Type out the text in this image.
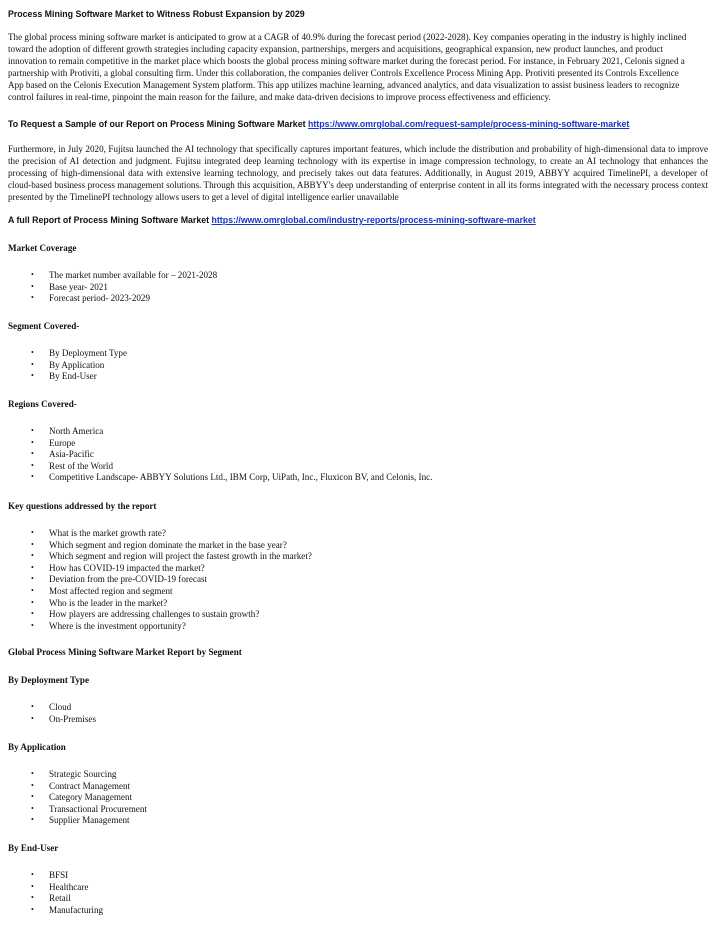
Process Mining Software Market to Witness Robust Expansion by 2029
The global process mining software market is anticipated to grow at a CAGR of 40.9% during the forecast period (2022-2028). Key companies operating in the industry is highly inclined
toward the adoption of different growth strategies including capacity expansion, partnerships, mergers and acquisitions, geographical expansion, new product launches, and product
innovation to remain competitive in the market place which boosts the global process mining software market during the forecast period. For instance, in February 2021, Celonis signed a
partnership with Protiviti, a global consulting firm. Under this collaboration, the companies deliver Controls Excellence Process Mining App. Protiviti presented its Controls Excellence
App based on the Celonis Execution Management System platform. This app utilizes machine learning, advanced analytics, and data visualization to assist business leaders to recognize
control failures in real-time, pinpoint the main reason for the failure, and make data-driven decisions to improve process effectiveness and efficiency.
To Request a Sample of our Report on Process Mining Software Market https://www.omrglobal.com/request-sample/process-mining-software-market

Furthermore, in July 2020, Fujitsu launched the AI technology that specifically captures important features, which include the distribution and probability of high-dimensional data to improve the precision of AI detection and judgment. Fujitsu integrated deep learning technology with its expertise in image compression technology, to create an AI technology that enhances the processing of high-dimensional data with extensive learning technology, and precisely takes out data features. Additionally, in August 2019, ABBYY acquired TimelinePI, a developer of cloud-based business process management solutions. Through this acquisition, ABBYY's deep understanding of enterprise content in all its forms integrated with the necessary process context presented by the TimelinePI technology allows users to get a level of digital intelligence earlier unavailable

A full Report of Process Mining Software Market https://www.omrglobal.com/industry-reports/process-mining-software-market
Market Coverage
• The market number available for – 2021-2028
• Base year- 2021
• Forecast period- 2023-2029
Segment Covered-
• By Deployment Type
• By Application
• By End-User
Regions Covered-
• North America
• Europe
• Asia-Pacific
• Rest of the World
• Competitive Landscape- ABBYY Solutions Ltd., IBM Corp, UiPath, Inc., Fluxicon BV, and Celonis, Inc.
Key questions addressed by the report
• What is the market growth rate?
• Which segment and region dominate the market in the base year?
• Which segment and region will project the fastest growth in the market?
• How has COVID-19 impacted the market?
• Deviation from the pre-COVID-19 forecast
• Most affected region and segment
• Who is the leader in the market?
• How players are addressing challenges to sustain growth?
• Where is the investment opportunity?
Global Process Mining Software Market Report by Segment
By Deployment Type
• Cloud
• On-Premises
By Application
• Strategic Sourcing
• Contract Management
• Category Management
• Transactional Procurement
• Supplier Management
By End-User
• BFSI
• Healthcare
• Retail
• Manufacturing
